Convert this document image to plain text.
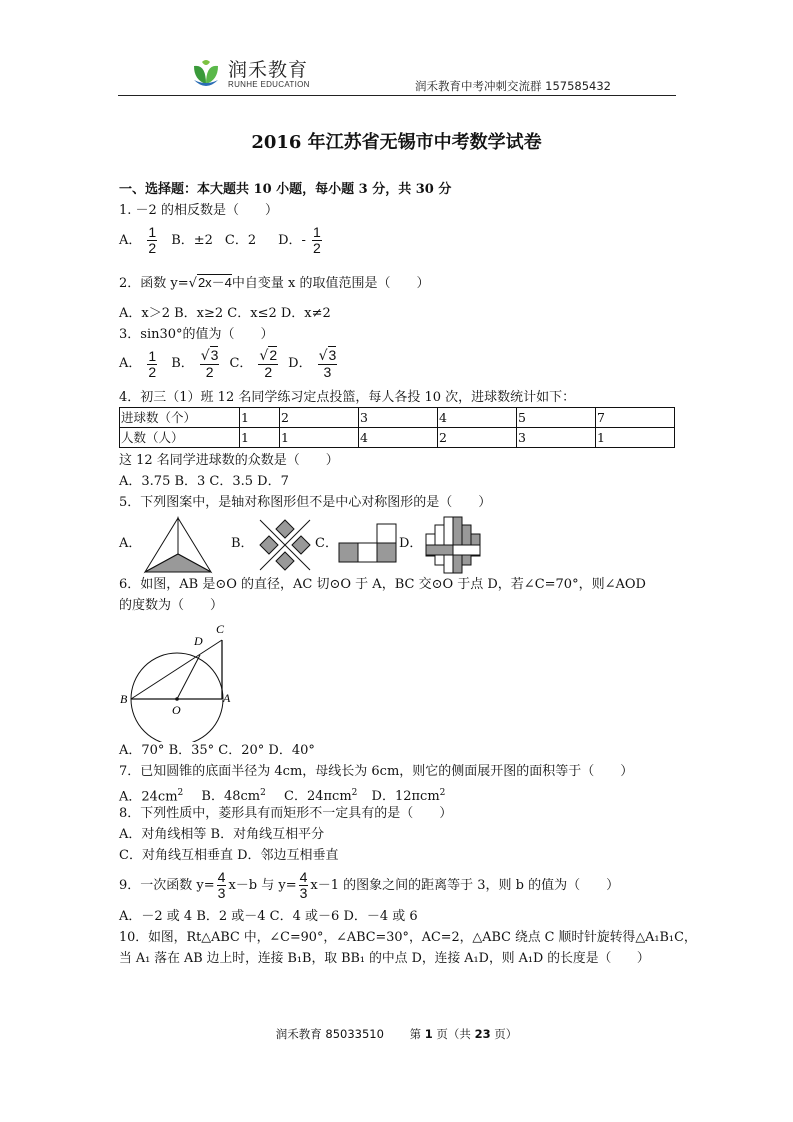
润禾教育
RUNHE EDUCATION	润禾教育中考冲刺交流群 157585432
2016 年江苏省无锡市中考数学试卷
一、选择题：本大题共 10 小题，每小题 3 分，共 30 分
1. －2 的相反数是（　　）
A． $\frac{1}{2}$ B．±2 C．2 D．- $\frac{1}{2}$
2．函数 y=√2x－4中自变量 x 的取值范围是（　　）
A．x＞2 B．x≥2 C．x≤2 D．x≠2
3．sin30°的值为（　　）
A． $\frac{1}{2}$ B． $\frac{√3}{2}$ C． $\frac{√2}{2}$ D． $\frac{√3}{3}$
4．初三（1）班 12 名同学练习定点投篮，每人各投 10 次，进球数统计如下：
进球数（个）	1	2	3	4	5	7
人数（人）	1	1	4	2	3	1
这 12 名同学进球数的众数是（　　）
A．3.75 B．3 C．3.5 D．7
5．下列图案中，是轴对称图形但不是中心对称图形的是（　　）
A．	B．	C．	D．
6．如图，AB 是⊙O 的直径，AC 切⊙O 于 A，BC 交⊙O 于点 D，若∠C=70°，则∠AOD
的度数为（　　）
B	A
C
D
O
A．70° B．35° C．20° D．40°
7．已知圆锥的底面半径为 4cm，母线长为 6cm，则它的侧面展开图的面积等于（　　）
A．$24cm^2$ B．$48cm^2$ C．24πcm$^2$ D．12πcm$^2$
8．下列性质中，菱形具有而矩形不一定具有的是（　　）
A．对角线相等 B．对角线互相平分
C．对角线互相垂直 D．邻边互相垂直
9．一次函数 $y= \frac{4}{3} x-b$ 与 $y= \frac{4}{3} x-1$ 的图象之间的距离等于 3，则 b 的值为（　　）
A．－2 或 4 B．2 或－4 C．4 或－6 D．－4 或 6
10．如图，Rt△ABC 中，∠C=90°，∠ABC=30°，AC=2，△ABC 绕点 C 顺时针旋转得△A₁B₁C，
当 A₁ 落在 AB 边上时，连接 B₁B，取 BB₁ 的中点 D，连接 A₁D，则 A₁D 的长度是（　　）
润禾教育 85033510 第 1 页（共 23 页）
